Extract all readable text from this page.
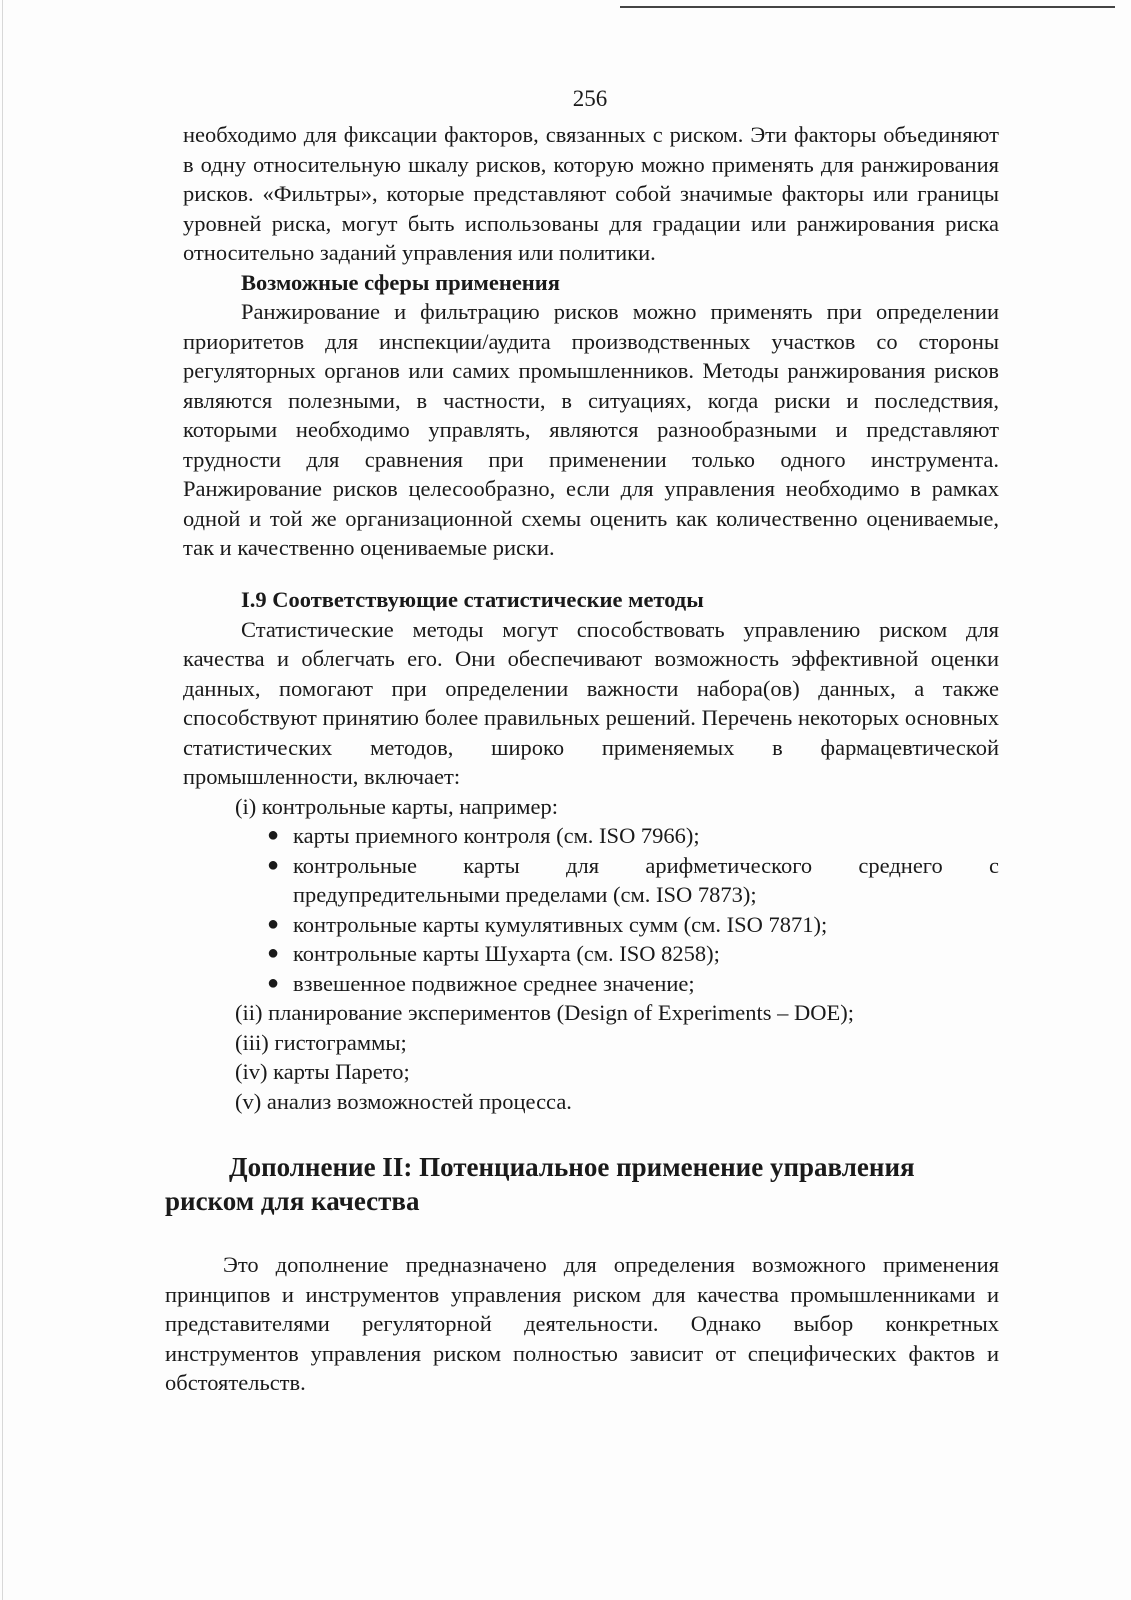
256

необходимо для фиксации факторов, связанных с риском. Эти факторы объединяют в одну относительную шкалу рисков, которую можно применять для ранжирования рисков. «Фильтры», которые представляют собой значимые факторы или границы уровней риска, могут быть использованы для градации или ранжирования риска относительно заданий управления или политики.

Возможные сферы применения

Ранжирование и фильтрацию рисков можно применять при определении приоритетов для инспекции/аудита производственных участков со стороны регуляторных органов или самих промышленников. Методы ранжирования рисков являются полезными, в частности, в ситуациях, когда риски и последствия, которыми необходимо управлять, являются разнообразными и представляют трудности для сравнения при применении только одного инструмента. Ранжирование рисков целесообразно, если для управления необходимо в рамках одной и той же организационной схемы оценить как количественно оцениваемые, так и качественно оцениваемые риски.

I.9 Соответствующие статистические методы

Статистические методы могут способствовать управлению риском для качества и облегчать его. Они обеспечивают возможность эффективной оценки данных, помогают при определении важности набора(ов) данных, а также способствуют принятию более правильных решений. Перечень некоторых основных статистических методов, широко применяемых в фармацевтической промышленности, включает:

(i) контрольные карты, например:

● карты приемного контроля (см. ISO 7966);
● контрольные карты для арифметического среднего с предупредительными пределами (см. ISO 7873);
● контрольные карты кумулятивных сумм (см. ISO 7871);
● контрольные карты Шухарта (см. ISO 8258);
● взвешенное подвижное среднее значение;

(ii) планирование экспериментов (Design of Experiments – DOE);

(iii) гистограммы;

(iv) карты Парето;

(v) анализ возможностей процесса.

Дополнение II: Потенциальное применение управления
риском для качества

Это дополнение предназначено для определения возможного применения принципов и инструментов управления риском для качества промышленниками и представителями регуляторной деятельности. Однако выбор конкретных инструментов управления риском полностью зависит от специфических фактов и обстоятельств.
